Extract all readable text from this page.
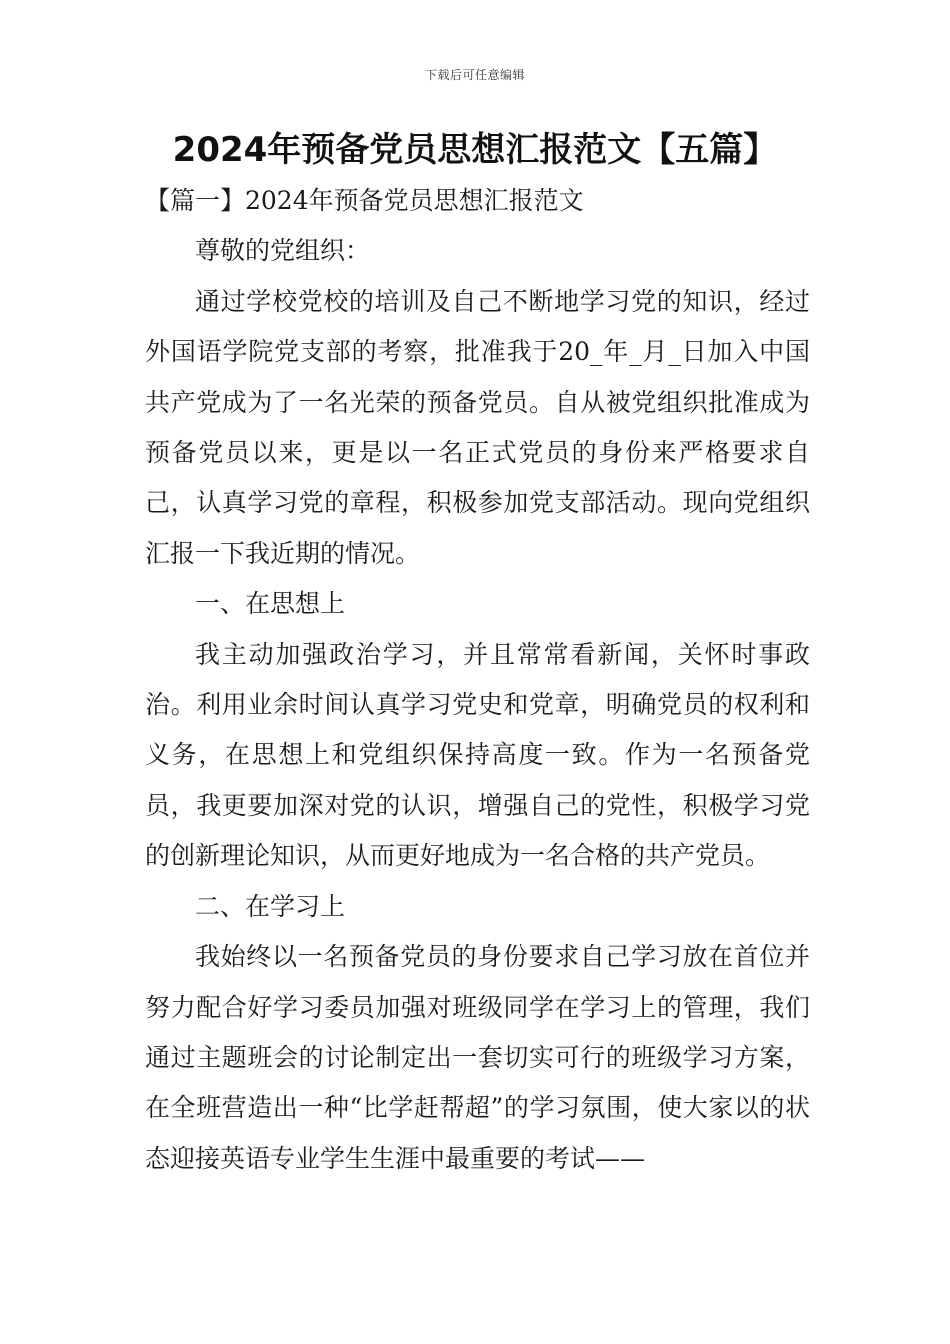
下载后可任意编辑
2024年预备党员思想汇报范文【五篇】

【篇一】2024年预备党员思想汇报范文

尊敬的党组织：

通过学校党校的培训及自己不断地学习党的知识，经过外国语学院党支部的考察，批准我于20_年_月_日加入中国共产党成为了一名光荣的预备党员。自从被党组织批准成为预备党员以来，更是以一名正式党员的身份来严格要求自己，认真学习党的章程，积极参加党支部活动。现向党组织汇报一下我近期的情况。

一、在思想上

我主动加强政治学习，并且常常看新闻，关怀时事政治。利用业余时间认真学习党史和党章，明确党员的权利和义务，在思想上和党组织保持高度一致。作为一名预备党员，我更要加深对党的认识，增强自己的党性，积极学习党的创新理论知识，从而更好地成为一名合格的共产党员。

二、在学习上

我始终以一名预备党员的身份要求自己学习放在首位并努力配合好学习委员加强对班级同学在学习上的管理，我们通过主题班会的讨论制定出一套切实可行的班级学习方案，在全班营造出一种“比学赶帮超”的学习氛围，使大家以的状态迎接英语专业学生生涯中最重要的考试——
